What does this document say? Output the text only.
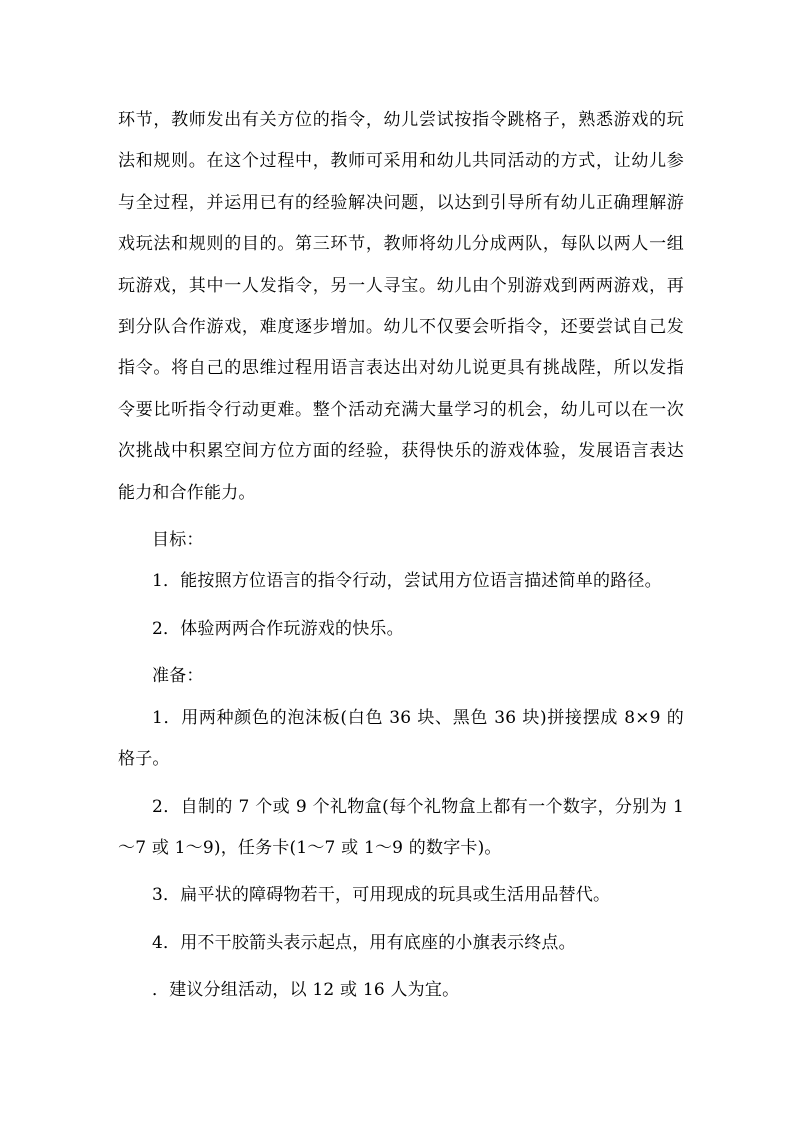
环节，教师发出有关方位的指令，幼儿尝试按指令跳格子，熟悉游戏的玩法和规则。在这个过程中，教师可采用和幼儿共同活动的方式，让幼儿参与全过程，并运用已有的经验解决问题，以达到引导所有幼儿正确理解游戏玩法和规则的目的。第三环节，教师将幼儿分成两队，每队以两人一组玩游戏，其中一人发指令，另一人寻宝。幼儿由个别游戏到两两游戏，再到分队合作游戏，难度逐步增加。幼儿不仅要会听指令，还要尝试自己发指令。将自己的思维过程用语言表达出对幼儿说更具有挑战陛，所以发指令要比听指令行动更难。整个活动充满大量学习的机会，幼儿可以在一次次挑战中积累空间方位方面的经验，获得快乐的游戏体验，发展语言表达能力和合作能力。

目标：

1．能按照方位语言的指令行动，尝试用方位语言描述简单的路径。

2．体验两两合作玩游戏的快乐。

准备：

1．用两种颜色的泡沫板(白色 36 块、黑色 36 块)拼接摆成 8×9 的格子。

2．自制的 7 个或 9 个礼物盒(每个礼物盒上都有一个数字，分别为 1～7 或 1～9)，任务卡(1～7 或 1～9 的数字卡)。

3．扁平状的障碍物若干，可用现成的玩具或生活用品替代。

4．用不干胶箭头表示起点，用有底座的小旗表示终点。

．建议分组活动，以 12 或 16 人为宜。
